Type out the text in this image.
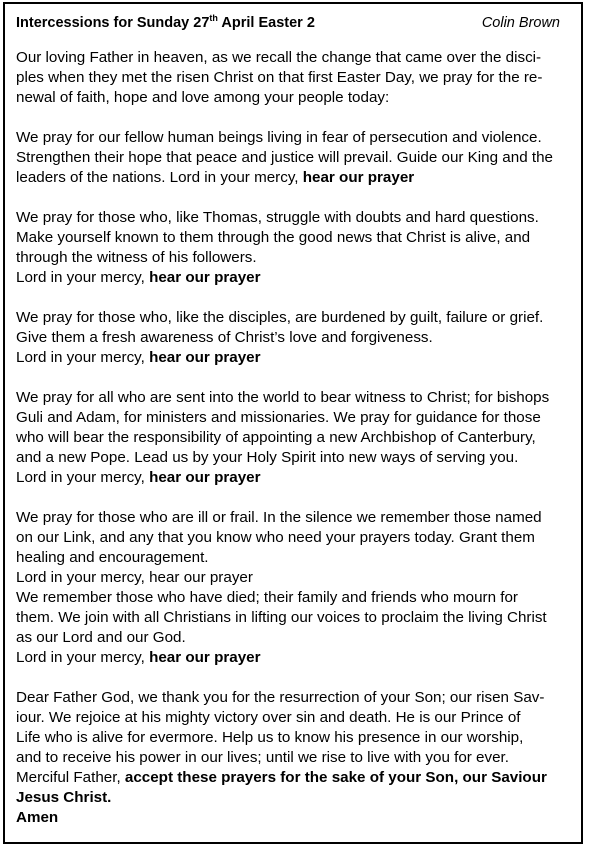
Intercessions for Sunday 27th April Easter 2	Colin Brown
Our loving Father in heaven, as we recall the change that came over the disci-
ples when they met the risen Christ on that first Easter Day, we pray for the re-
newal of faith, hope and love among your people today:
We pray for our fellow human beings living in fear of persecution and violence.
Strengthen their hope that peace and justice will prevail. Guide our King and the
leaders of the nations. Lord in your mercy, hear our prayer
We pray for those who, like Thomas, struggle with doubts and hard questions.
Make yourself known to them through the good news that Christ is alive, and
through the witness of his followers.
Lord in your mercy, hear our prayer
We pray for those who, like the disciples, are burdened by guilt, failure or grief.
Give them a fresh awareness of Christ’s love and forgiveness.
Lord in your mercy, hear our prayer
We pray for all who are sent into the world to bear witness to Christ; for bishops
Guli and Adam, for ministers and missionaries. We pray for guidance for those
who will bear the responsibility of appointing a new Archbishop of Canterbury,
and a new Pope. Lead us by your Holy Spirit into new ways of serving you.
Lord in your mercy, hear our prayer
We pray for those who are ill or frail. In the silence we remember those named
on our Link, and any that you know who need your prayers today. Grant them
healing and encouragement.
Lord in your mercy, hear our prayer
We remember those who have died; their family and friends who mourn for
them. We join with all Christians in lifting our voices to proclaim the living Christ
as our Lord and our God.
Lord in your mercy, hear our prayer
Dear Father God, we thank you for the resurrection of your Son; our risen Sav-
iour. We rejoice at his mighty victory over sin and death. He is our Prince of
Life who is alive for evermore. Help us to know his presence in our worship,
and to receive his power in our lives; until we rise to live with you for ever.
Merciful Father, accept these prayers for the sake of your Son, our Saviour
Jesus Christ.
Amen
